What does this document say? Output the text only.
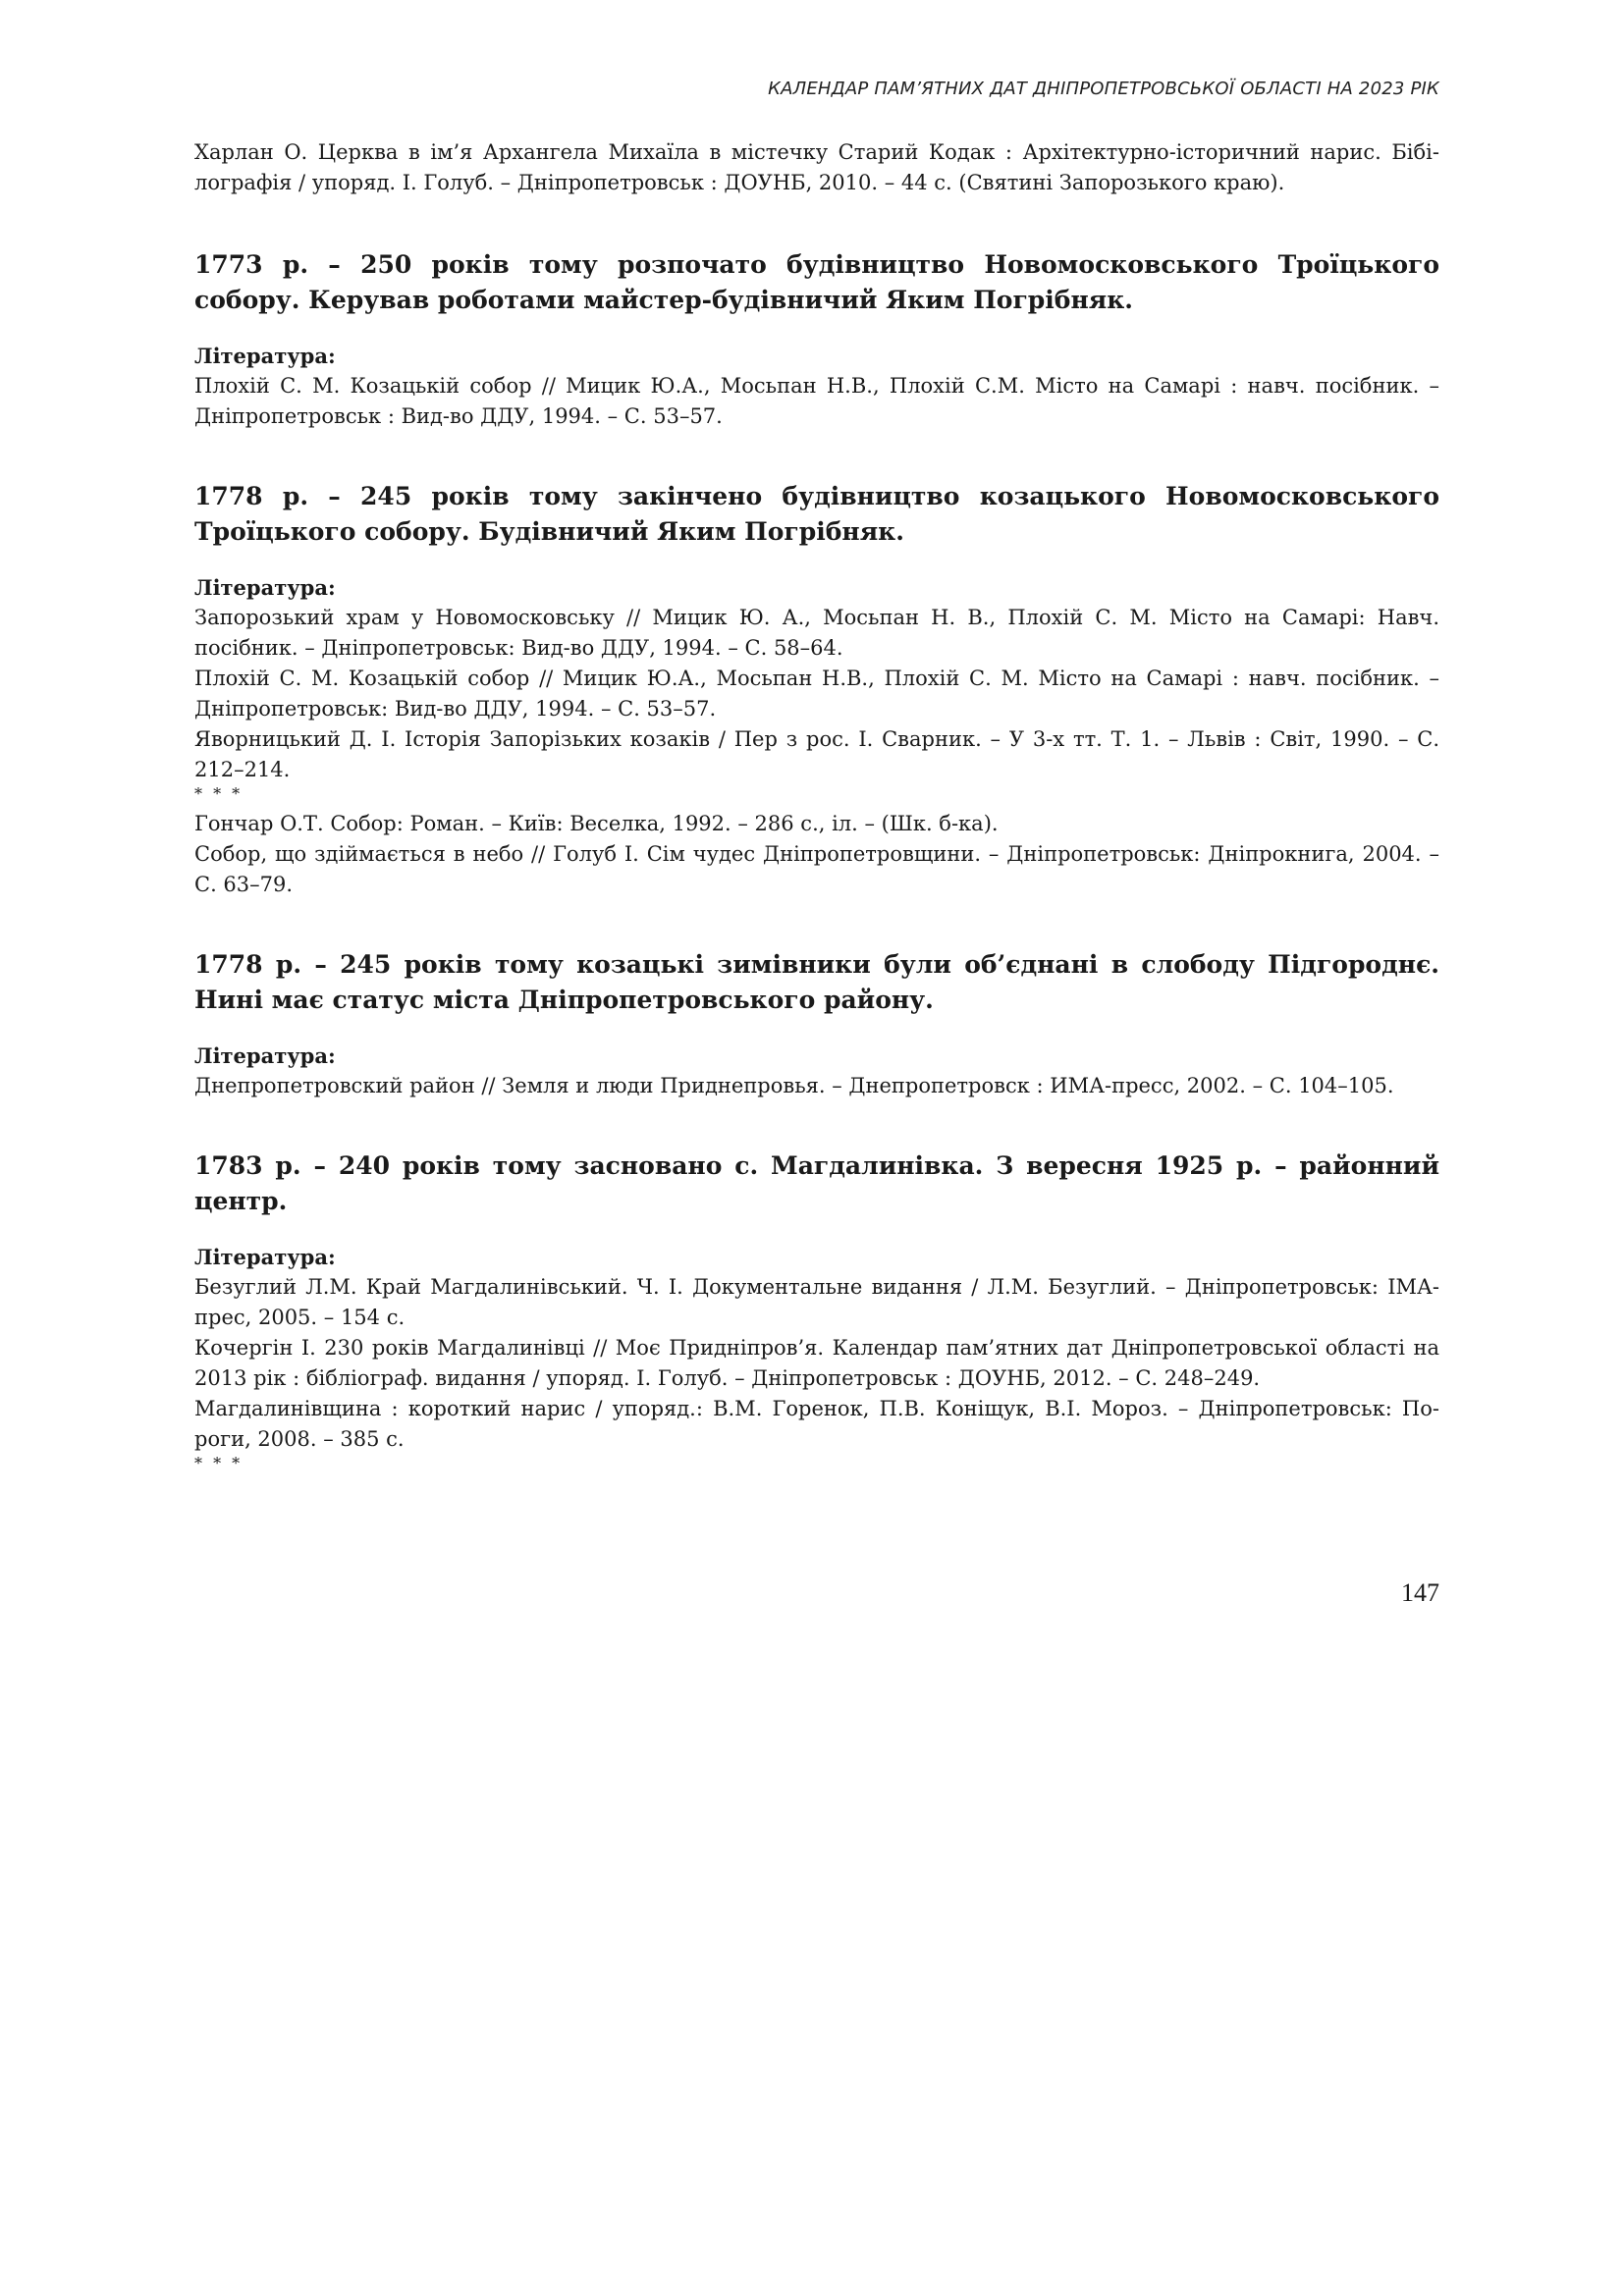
КАЛЕНДАР ПАМ’ЯТНИХ ДАТ ДНІПРОПЕТРОВСЬКОЇ ОБЛАСТІ НА 2023 РІК

Харлан О. Церква в ім’я Архангела Михаїла в містечку Старий Кодак : Архітектурно-історичний нарис. Бібілографія / упоряд. І. Голуб. – Дніпропетровськ : ДОУНБ, 2010. – 44 с. (Святині Запорозького краю).

1773 р. – 250 років тому розпочато будівництво Новомосковського Троїцького собору. Керував роботами майстер-будівничий Яким Погрібняк.

Література:

Плохій С. М. Козацькій собор // Мицик Ю.А., Мосьпан Н.В., Плохій С.М. Місто на Самарі : навч. посібник. – Дніпропетровськ : Вид-во ДДУ, 1994. – С. 53–57.
1778 р. – 245 років тому закінчено будівництво козацького Новомосковського Троїцького собору. Будівничий Яким Погрібняк.

Література:

Запорозький храм у Новомосковську // Мицик Ю. А., Мосьпан Н. В., Плохій С. М. Місто на Самарі: Навч. посібник. – Дніпропетровськ: Вид-во ДДУ, 1994. – С. 58–64.
Плохій С. М. Козацькій собор // Мицик Ю.А., Мосьпан Н.В., Плохій С. М. Місто на Самарі : навч. посібник. – Дніпропетровськ: Вид-во ДДУ, 1994. – С. 53–57.
Яворницький Д. І. Історія Запорізьких козаків / Пер з рос. І. Сварник. – У 3-х тт. Т. 1. – Львів : Світ, 1990. – С. 212–214.
* * *
Гончар О.Т. Собор: Роман. – Київ: Веселка, 1992. – 286 с., іл. – (Шк. б-ка).
Собор, що здіймається в небо // Голуб І. Сім чудес Дніпропетровщини. – Дніпропетровськ: Дніпрокнига, 2004. – С. 63–79.
1778 р. – 245 років тому козацькі зимівники були об’єднані в слободу Підгороднє. Нині має статус міста Дніпропетровського району.

Література:

Днепропетровский район // Земля и люди Приднепровья. – Днепропетровск : ИМА-пресс, 2002. – С. 104–105.
1783 р. – 240 років тому засновано с. Магдалинівка. З вересня 1925 р. – районний центр.

Література:

Безуглий Л.М. Край Магдалинівський. Ч. І. Документальне видання / Л.М. Безуглий. – Дніпропетровськ: ІМА-прес, 2005. – 154 с.
Кочергін І. 230 років Магдалинівці // Моє Придніпров’я. Календар пам’ятних дат Дніпропетровської області на 2013 рік : бібліограф. видання / упоряд. І. Голуб. – Дніпропетровськ : ДОУНБ, 2012. – С. 248–249.
Магдалинівщина : короткий нарис / упоряд.: В.М. Горенок, П.В. Коніщук, В.І. Мороз. – Дніпропетровськ: Пороги, 2008. – 385 с.
* * *
147
